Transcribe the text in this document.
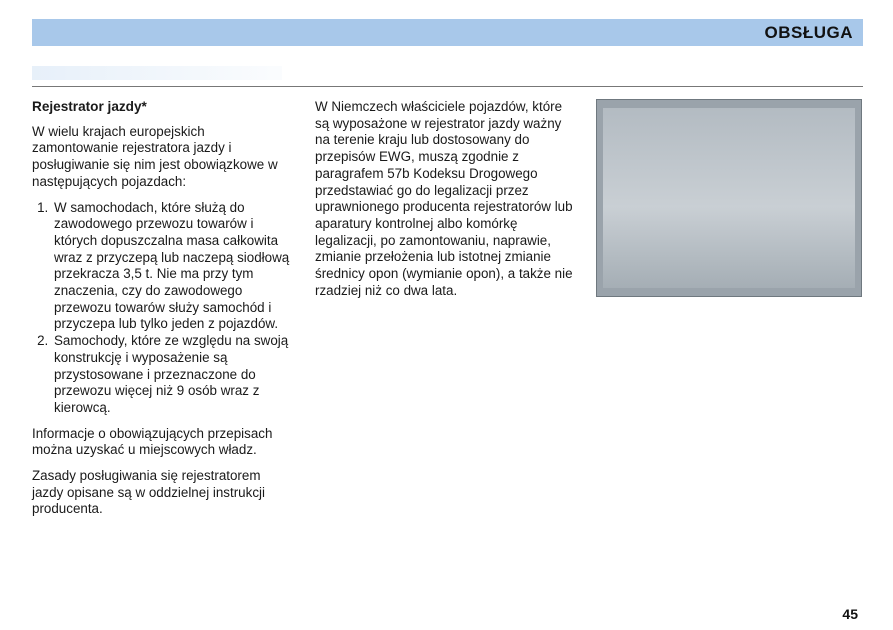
OBSŁUGA
Rejestrator jazdy*

W wielu krajach europejskich zamontowanie rejestratora jazdy i posługiwanie się nim jest obowiązkowe w następujących pojazdach:

1. W samochodach, które służą do zawodowego przewozu towarów i których dopuszczalna masa całkowita wraz z przyczepą lub naczepą siodłową przekracza 3,5 t. Nie ma przy tym znaczenia, czy do zawodowego przewozu towarów służy samochód i przyczepa lub tylko jeden z pojazdów.
2. Samochody, które ze względu na swoją konstrukcję i wyposażenie są przystosowane i przeznaczone do przewozu więcej niż 9 osób wraz z kierowcą.

Informacje o obowiązujących przepisach można uzyskać u miejscowych władz.

Zasady posługiwania się rejestratorem jazdy opisane są w oddzielnej instrukcji producenta.

W Niemczech właściciele pojazdów, które są wyposażone w rejestrator jazdy ważny na terenie kraju lub dostosowany do przepisów EWG, muszą zgodnie z paragrafem 57b Kodeksu Drogowego przedstawiać go do legalizacji przez uprawnionego producenta rejestratorów lub aparatury kontrolnej albo komórkę legalizacji, po zamontowaniu, naprawie, zmianie przełożenia lub istotnej zmianie średnicy opon (wymianie opon), a także nie rzadziej niż co dwa lata.

45
